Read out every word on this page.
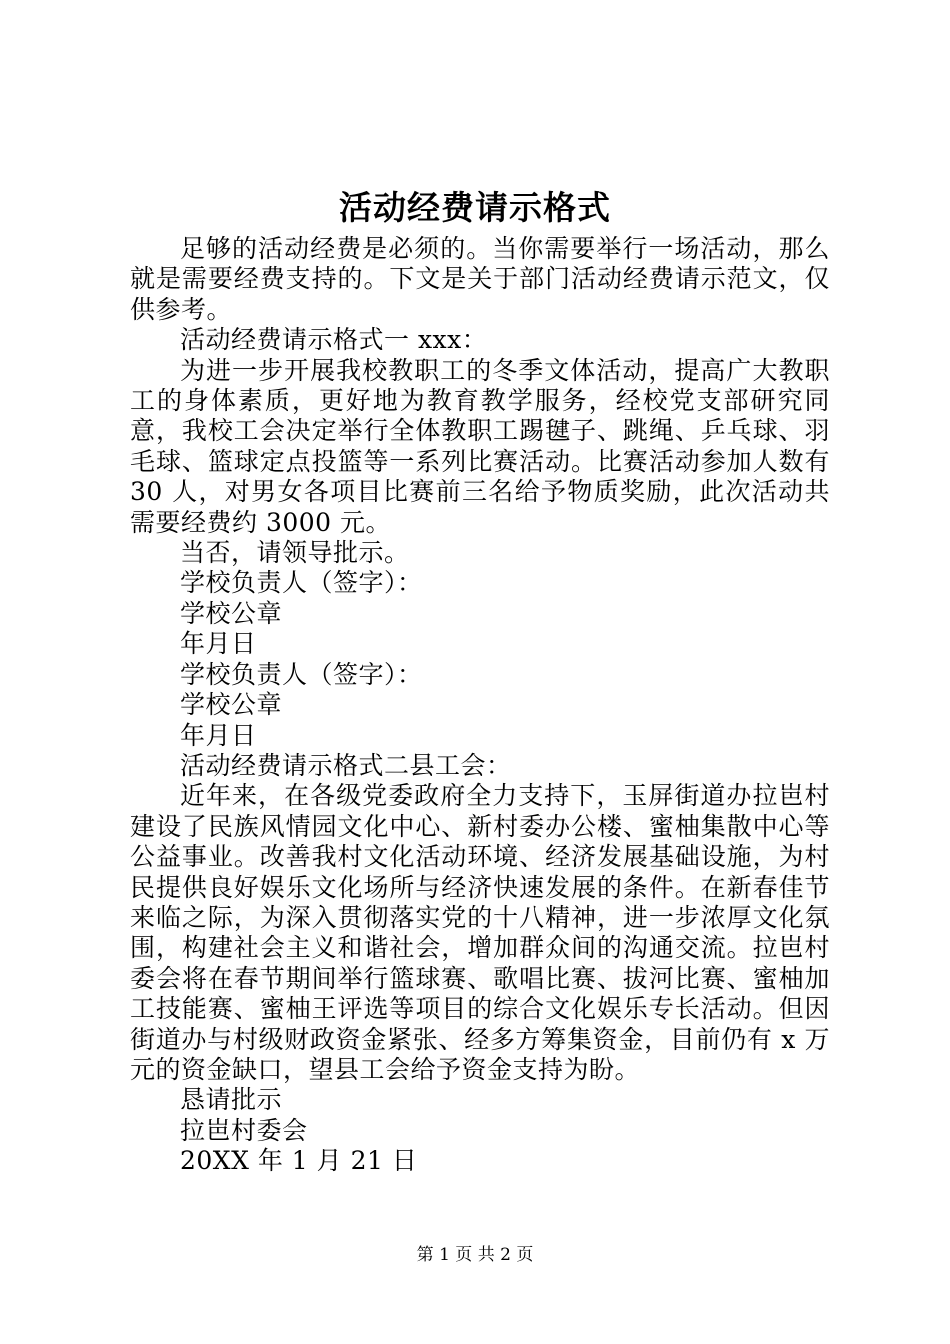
活动经费请示格式

足够的活动经费是必须的。当你需要举行一场活动，那么就是需要经费支持的。下文是关于部门活动经费请示范文，仅供参考。

活动经费请示格式一 xxx：

为进一步开展我校教职工的冬季文体活动，提高广大教职工的身体素质，更好地为教育教学服务，经校党支部研究同意，我校工会决定举行全体教职工踢毽子、跳绳、乒乓球、羽毛球、篮球定点投篮等一系列比赛活动。比赛活动参加人数有 30 人，对男女各项目比赛前三名给予物质奖励，此次活动共需要经费约 3000 元。

当否，请领导批示。

学校负责人（签字）：

学校公章

年月日

学校负责人（签字）：

学校公章

年月日

活动经费请示格式二县工会：

近年来，在各级党委政府全力支持下，玉屏街道办拉岜村建设了民族风情园文化中心、新村委办公楼、蜜柚集散中心等公益事业。改善我村文化活动环境、经济发展基础设施，为村民提供良好娱乐文化场所与经济快速发展的条件。在新春佳节来临之际，为深入贯彻落实党的十八精神，进一步浓厚文化氛围，构建社会主义和谐社会，增加群众间的沟通交流。拉岜村委会将在春节期间举行篮球赛、歌唱比赛、拔河比赛、蜜柚加工技能赛、蜜柚王评选等项目的综合文化娱乐专长活动。但因街道办与村级财政资金紧张、经多方筹集资金，目前仍有 x 万元的资金缺口，望县工会给予资金支持为盼。

恳请批示

拉岜村委会

20XX 年 1 月 21 日

第 1 页 共 2 页
